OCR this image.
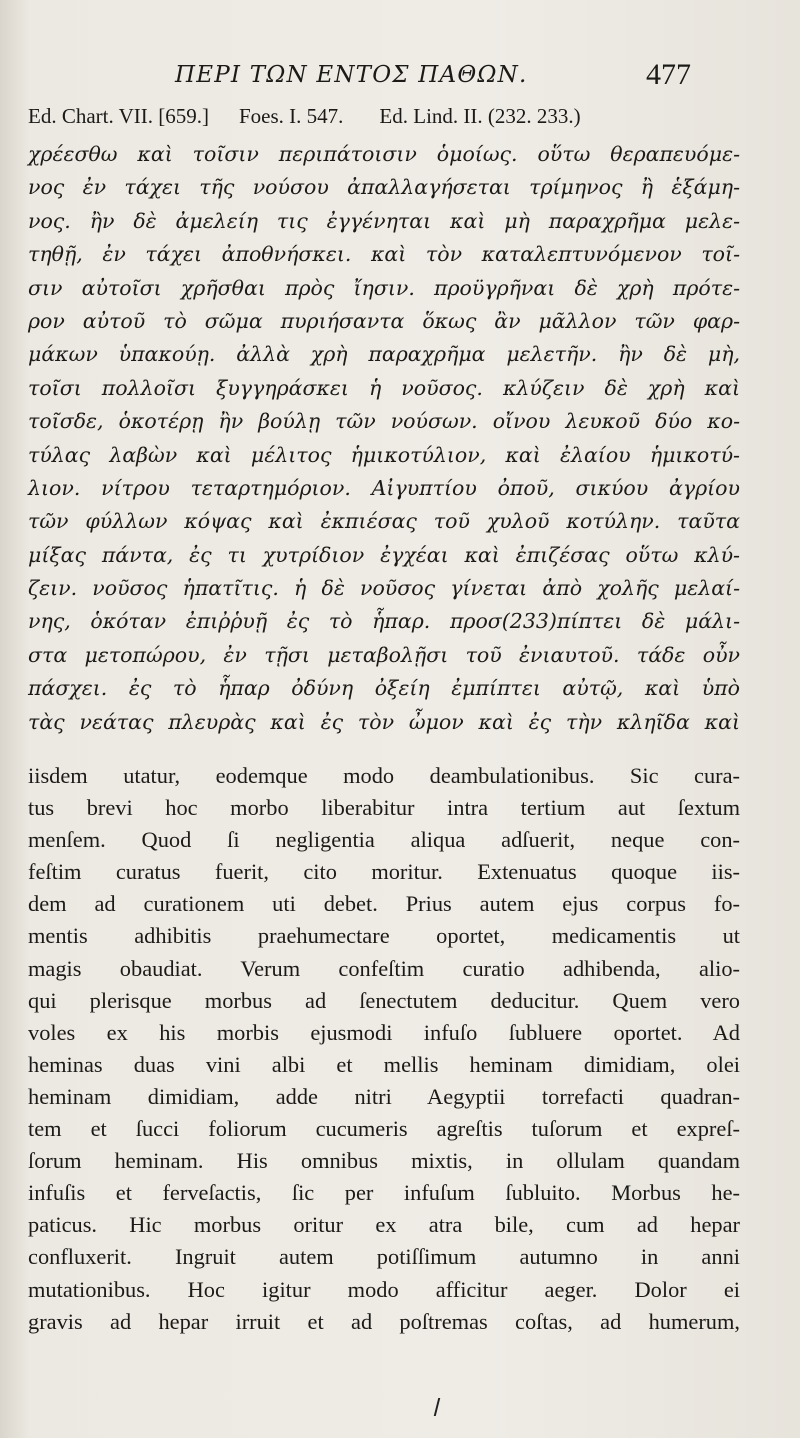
ΠΕΡΙ ΤΩΝ ΕΝΤΟΣ ΠΑΘΩΝ.	477
Ed. Chart. VII. [659.] Foes. I. 547. Ed. Lind. II. (232. 233.)
χρέεσθω καὶ τοῖσιν περιπάτοισιν ὁμοίως. οὕτω θεραπευόμε-
νος ἐν τάχει τῆς νούσου ἀπαλλαγήσεται τρίμηνος ἢ ἑξάμη-
νος. ἢν δὲ ἀμελείη τις ἐγγένηται καὶ μὴ παραχρῆμα μελε-
τηθῇ, ἐν τάχει ἀποθνήσκει. καὶ τὸν καταλεπτυνόμενον τοῖ-
σιν αὐτοῖσι χρῆσθαι πρὸς ἴησιν. προϋγρῆναι δὲ χρὴ πρότε-
ρον αὐτοῦ τὸ σῶμα πυριήσαντα ὅκως ἂν μᾶλλον τῶν φαρ-
μάκων ὑπακούῃ. ἀλλὰ χρὴ παραχρῆμα μελετῆν. ἢν δὲ μὴ,
τοῖσι πολλοῖσι ξυγγηράσκει ἡ νοῦσος. κλύζειν δὲ χρὴ καὶ
τοῖσδε, ὁκοτέρῃ ἢν βούλῃ τῶν νούσων. οἴνου λευκοῦ δύο κο-
τύλας λαβὼν καὶ μέλιτος ἡμικοτύλιον, καὶ ἐλαίου ἡμικοτύ-
λιον. νίτρου τεταρτημόριον. Αἰγυπτίου ὀποῦ, σικύου ἀγρίου
τῶν φύλλων κόψας καὶ ἐκπιέσας τοῦ χυλοῦ κοτύλην. ταῦτα
μίξας πάντα, ἐς τι χυτρίδιον ἐγχέαι καὶ ἐπιζέσας οὕτω κλύ-
ζειν. νοῦσος ἡπατῖτις. ἡ δὲ νοῦσος γίνεται ἀπὸ χολῆς μελαί-
νης, ὁκόταν ἐπιῤῥυῇ ἐς τὸ ἧπαρ. προσ(233)πίπτει δὲ μάλι-
στα μετοπώρου, ἐν τῇσι μεταβολῇσι τοῦ ἐνιαυτοῦ. τάδε οὖν
πάσχει. ἐς τὸ ἧπαρ ὀδύνη ὀξείη ἐμπίπτει αὐτῷ, καὶ ὑπὸ
τὰς νεάτας πλευρὰς καὶ ἐς τὸν ὦμον καὶ ἐς τὴν κληῖδα καὶ
iisdem utatur, eodemque modo deambulationibus. Sic cura-
tus brevi hoc morbo liberabitur intra tertium aut ſextum
menſem. Quod ſi negligentia aliqua adſuerit, neque con-
feſtim curatus fuerit, cito moritur. Extenuatus quoque iis-
dem ad curationem uti debet. Prius autem ejus corpus fo-
mentis adhibitis praehumectare oportet, medicamentis ut
magis obaudiat. Verum confeſtim curatio adhibenda, alio-
qui plerisque morbus ad ſenectutem deducitur. Quem vero
voles ex his morbis ejusmodi infuſo ſubluere oportet. Ad
heminas duas vini albi et mellis heminam dimidiam, olei
heminam dimidiam, adde nitri Aegyptii torrefacti quadran-
tem et ſucci foliorum cucumeris agreſtis tuſorum et expreſ-
ſorum heminam. His omnibus mixtis, in ollulam quandam
infuſis et ferveſactis, ſic per infuſum ſubluito. Morbus he-
paticus. Hic morbus oritur ex atra bile, cum ad hepar
confluxerit. Ingruit autem potiſſimum autumno in anni
mutationibus. Hoc igitur modo afficitur aeger. Dolor ei
gravis ad hepar irruit et ad poſtremas coſtas, ad humerum,
